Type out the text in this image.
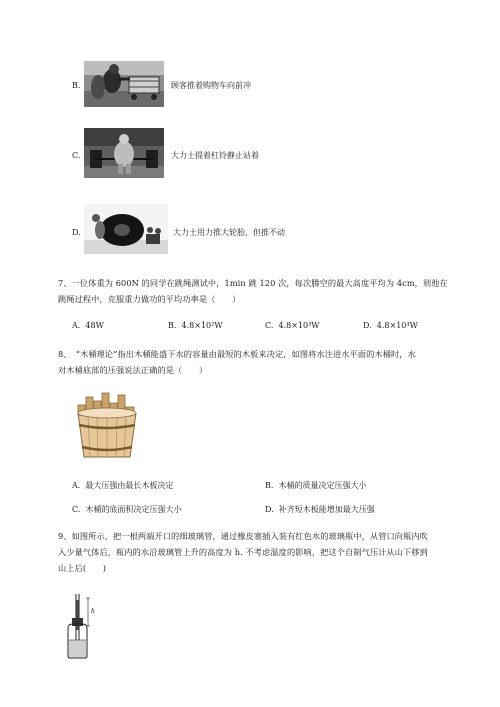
B.	顾客推着购物车向前冲
C.	大力士提着杠铃静止站着
D.	大力士用力推大轮胎，但推不动
7、一位体重为 600N 的同学在跳绳测试中，1min 跳 120 次，每次腾空的最大高度平均为 4cm，则他在
跳绳过程中，克服重力做功的平均功率是（　　）
A. 48W	B. 4.8×10²W	C. 4.8×10³W	D. 4.8×10⁴W
8、　“木桶理论”指出木桶能盛下水的容量由最短的木板来决定，如图将水注进水平面的木桶时，水
对木桶底部的压强说法正确的是（　　）
A. 最大压强由最长木板决定	B. 木桶的质量决定压强大小
C. 木桶的底面积决定压强大小	D. 补齐短木板能增加最大压强
9、如图所示，把一根两端开口的细玻璃管，通过橡皮塞插入装有红色水的玻璃瓶中，从管口向瓶内吹
入少量气体后，瓶内的水沿玻璃管上升的高度为 h. 不考虑温度的影响，把这个自制气压计从山下移到
山上后(　　)
h
